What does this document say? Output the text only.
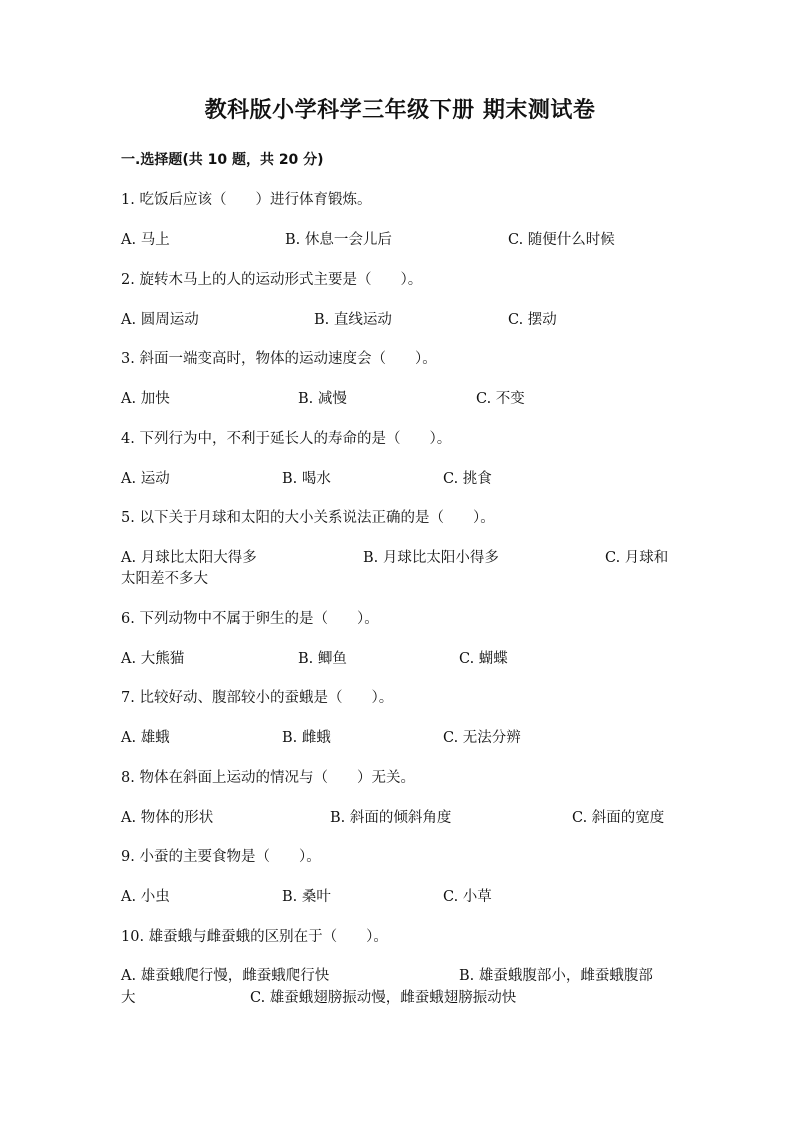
教科版小学科学三年级下册 期末测试卷
一.选择题(共 10 题，共 20 分)
1. 吃饭后应该（　　）进行体育锻炼。
A. 马上	B. 休息一会儿后	C. 随便什么时候
2. 旋转木马上的人的运动形式主要是（　　）。
A. 圆周运动	B. 直线运动	C. 摆动
3. 斜面一端变高时，物体的运动速度会（　　）。
A. 加快	B. 减慢	C. 不变
4. 下列行为中，不利于延长人的寿命的是（　　）。
A. 运动	B. 喝水	C. 挑食
5. 以下关于月球和太阳的大小关系说法正确的是（　　）。
A. 月球比太阳大得多	B. 月球比太阳小得多	C. 月球和
太阳差不多大
6. 下列动物中不属于卵生的是（　　）。
A. 大熊猫	B. 鲫鱼	C. 蝴蝶
7. 比较好动、腹部较小的蚕蛾是（　　）。
A. 雄蛾	B. 雌蛾	C. 无法分辨
8. 物体在斜面上运动的情况与（　　）无关。
A. 物体的形状	B. 斜面的倾斜角度	C. 斜面的宽度
9. 小蚕的主要食物是（　　）。
A. 小虫	B. 桑叶	C. 小草
10. 雄蚕蛾与雌蚕蛾的区别在于（　　）。
A. 雄蚕蛾爬行慢，雌蚕蛾爬行快	B. 雄蚕蛾腹部小，雌蚕蛾腹部
大	C. 雄蚕蛾翅膀振动慢，雌蚕蛾翅膀振动快
